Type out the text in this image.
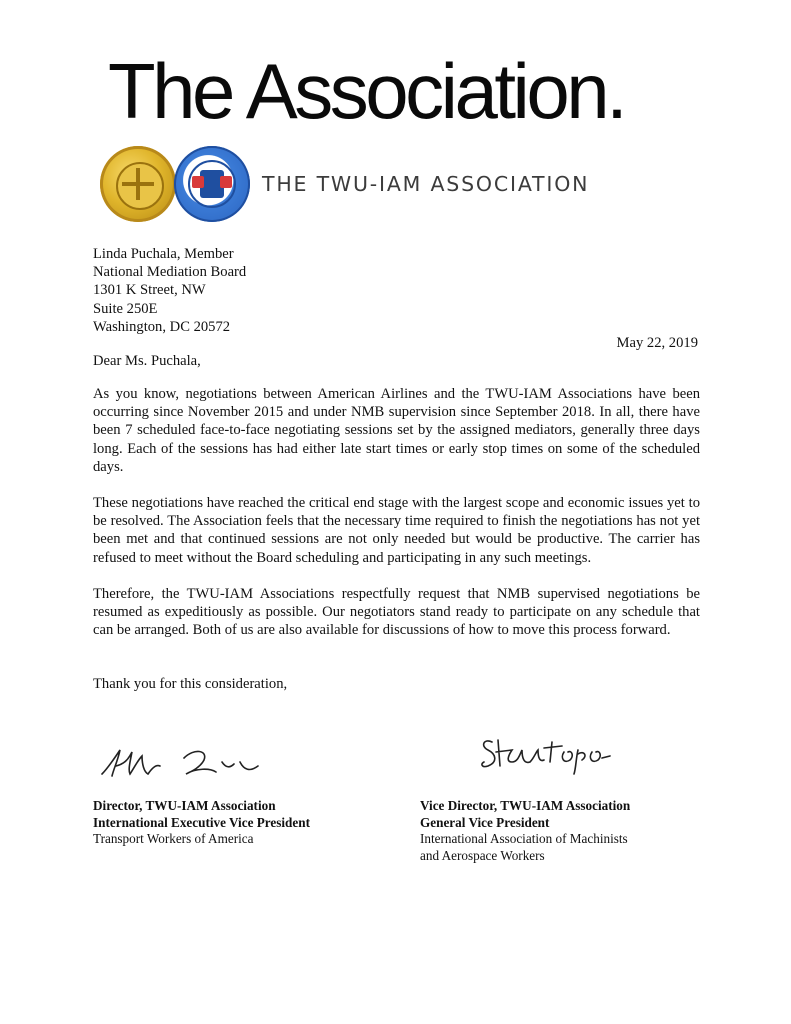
The Association.
THE TWU-IAM ASSOCIATION
Linda Puchala, Member
National Mediation Board
1301 K Street, NW
Suite 250E
Washington, DC 20572
May 22, 2019
Dear Ms. Puchala,

As you know, negotiations between American Airlines and the TWU-IAM Associations have been occurring since November 2015 and under NMB supervision since September 2018. In all, there have been 7 scheduled face-to-face negotiating sessions set by the assigned mediators, generally three days long. Each of the sessions has had either late start times or early stop times on some of the scheduled days.

These negotiations have reached the critical end stage with the largest scope and economic issues yet to be resolved. The Association feels that the necessary time required to finish the negotiations has not yet been met and that continued sessions are not only needed but would be productive. The carrier has refused to meet without the Board scheduling and participating in any such meetings.

Therefore, the TWU-IAM Associations respectfully request that NMB supervised negotiations be resumed as expeditiously as possible. Our negotiators stand ready to participate on any schedule that can be arranged. Both of us are also available for discussions of how to move this process forward.

Thank you for this consideration,
Director, TWU-IAM Association
International Executive Vice President
Transport Workers of America
Vice Director, TWU-IAM Association
General Vice President
International Association of Machinists
and Aerospace Workers
